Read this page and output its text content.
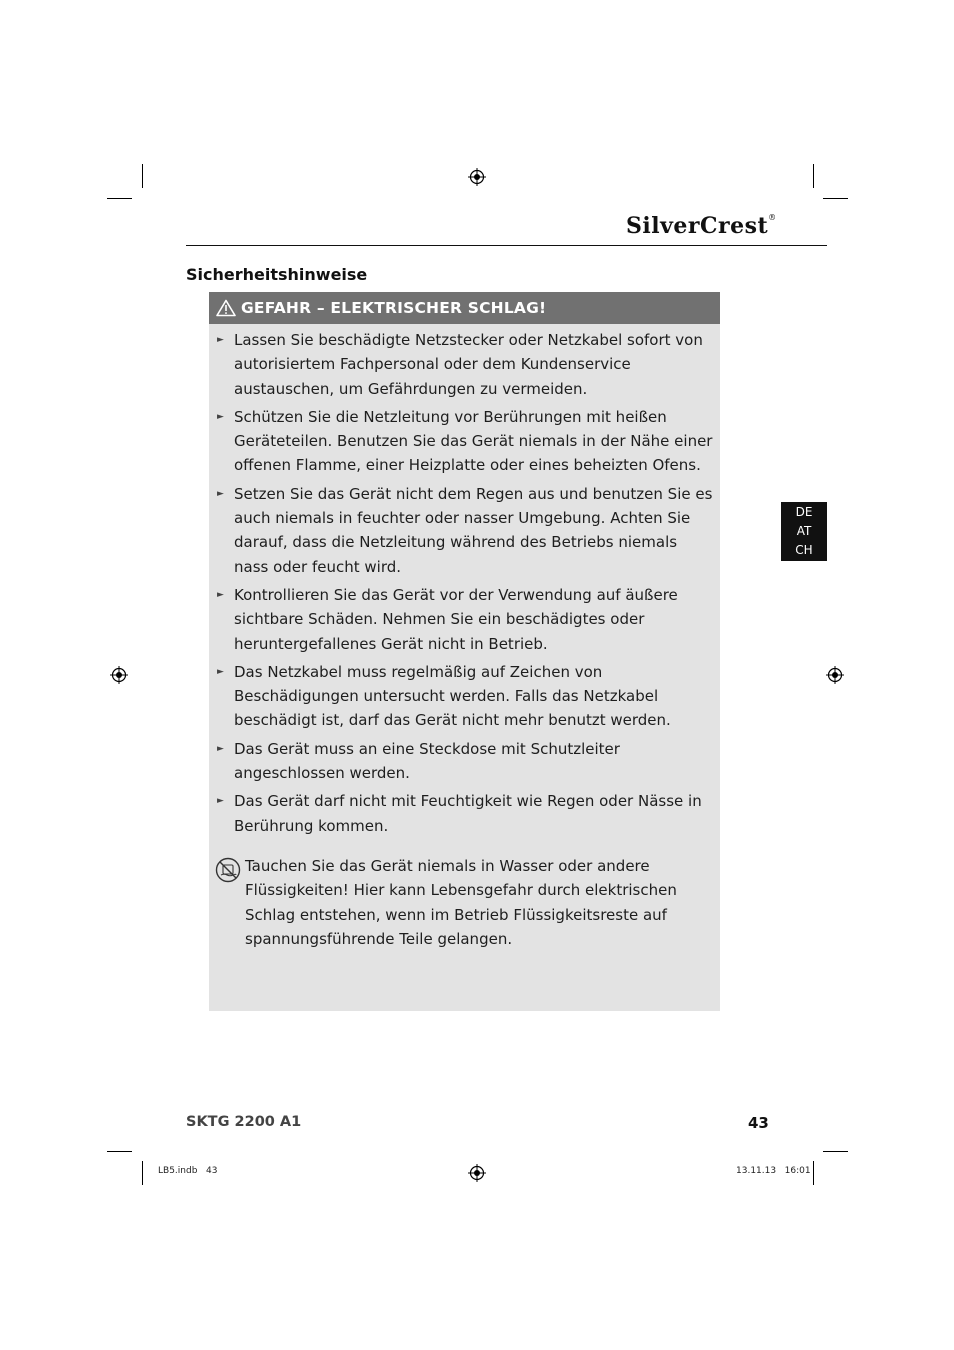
SilverCrest®
Sicherheitshinweise
GEFAHR – ELEKTRISCHER SCHLAG!
► Lassen Sie beschädigte Netzstecker oder Netzkabel sofort von autorisiertem Fachpersonal oder dem Kundenservice austauschen, um Gefährdungen zu vermeiden.
► Schützen Sie die Netzleitung vor Berührungen mit heißen Geräteteilen. Benutzen Sie das Gerät niemals in der Nähe einer offenen Flamme, einer Heizplatte oder eines beheizten Ofens.
► Setzen Sie das Gerät nicht dem Regen aus und benutzen Sie es auch niemals in feuchter oder nasser Umgebung. Achten Sie darauf, dass die Netzleitung während des Betriebs niemals nass oder feucht wird.
► Kontrollieren Sie das Gerät vor der Verwendung auf äußere sichtbare Schäden. Nehmen Sie ein beschädigtes oder heruntergefallenes Gerät nicht in Betrieb.
► Das Netzkabel muss regelmäßig auf Zeichen von Beschädigungen untersucht werden. Falls das Netzkabel beschädigt ist, darf das Gerät nicht mehr benutzt werden.
► Das Gerät muss an eine Steckdose mit Schutzleiter angeschlossen werden.
► Das Gerät darf nicht mit Feuchtigkeit wie Regen oder Nässe in Berührung kommen.
Tauchen Sie das Gerät niemals in Wasser oder andere Flüssigkeiten! Hier kann Lebensgefahr durch elektrischen Schlag entstehen, wenn im Betrieb Flüssigkeitsreste auf spannungsführende Teile gelangen.
DE
AT
CH
SKTG 2200 A1	43
LB5.indb   43	13.11.13   16:01
